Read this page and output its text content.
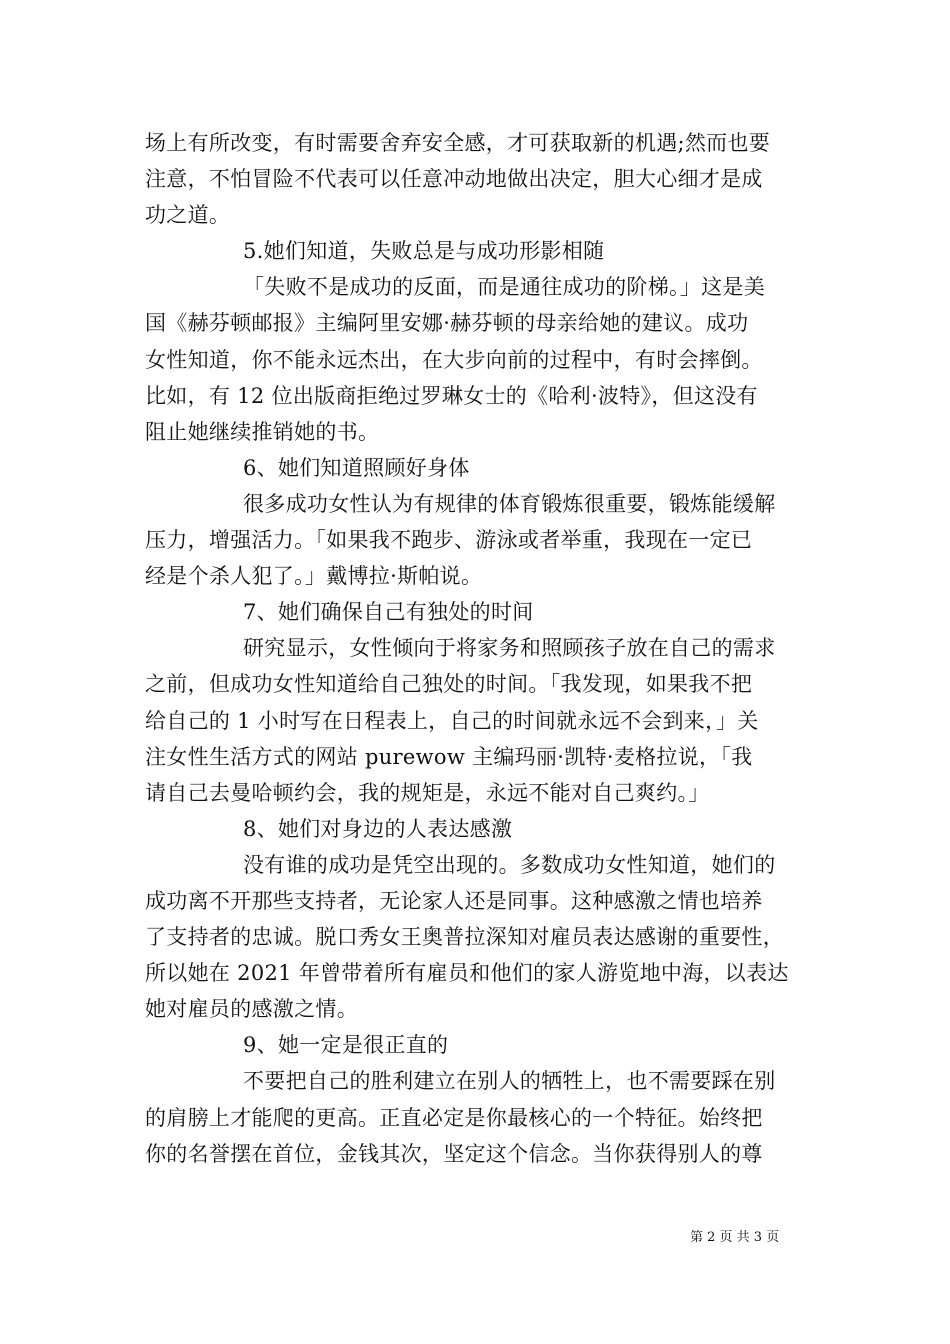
场上有所改变，有时需要舍弃安全感，才可获取新的机遇;然而也要
注意，不怕冒险不代表可以任意冲动地做出决定，胆大心细才是成
功之道。
5.她们知道，失败总是与成功形影相随
「失败不是成功的反面，而是通往成功的阶梯。」这是美
国《赫芬顿邮报》主编阿里安娜·赫芬顿的母亲给她的建议。成功
女性知道，你不能永远杰出，在大步向前的过程中，有时会摔倒。
比如，有 12 位出版商拒绝过罗琳女士的《哈利·波特》，但这没有
阻止她继续推销她的书。
6、她们知道照顾好身体
很多成功女性认为有规律的体育锻炼很重要，锻炼能缓解
压力，增强活力。「如果我不跑步、游泳或者举重，我现在一定已
经是个杀人犯了。」戴博拉·斯帕说。
7、她们确保自己有独处的时间
研究显示，女性倾向于将家务和照顾孩子放在自己的需求
之前，但成功女性知道给自己独处的时间。「我发现，如果我不把
给自己的 1 小时写在日程表上，自己的时间就永远不会到来，」关
注女性生活方式的网站 purewow 主编玛丽·凯特·麦格拉说，「我
请自己去曼哈顿约会，我的规矩是，永远不能对自己爽约。」
8、她们对身边的人表达感激
没有谁的成功是凭空出现的。多数成功女性知道，她们的
成功离不开那些支持者，无论家人还是同事。这种感激之情也培养
了支持者的忠诚。脱口秀女王奥普拉深知对雇员表达感谢的重要性，
所以她在 2021 年曾带着所有雇员和他们的家人游览地中海，以表达
她对雇员的感激之情。
9、她一定是很正直的
不要把自己的胜利建立在别人的牺牲上，也不需要踩在别
的肩膀上才能爬的更高。正直必定是你最核心的一个特征。始终把
你的名誉摆在首位，金钱其次，坚定这个信念。当你获得别人的尊
第 2 页 共 3 页
